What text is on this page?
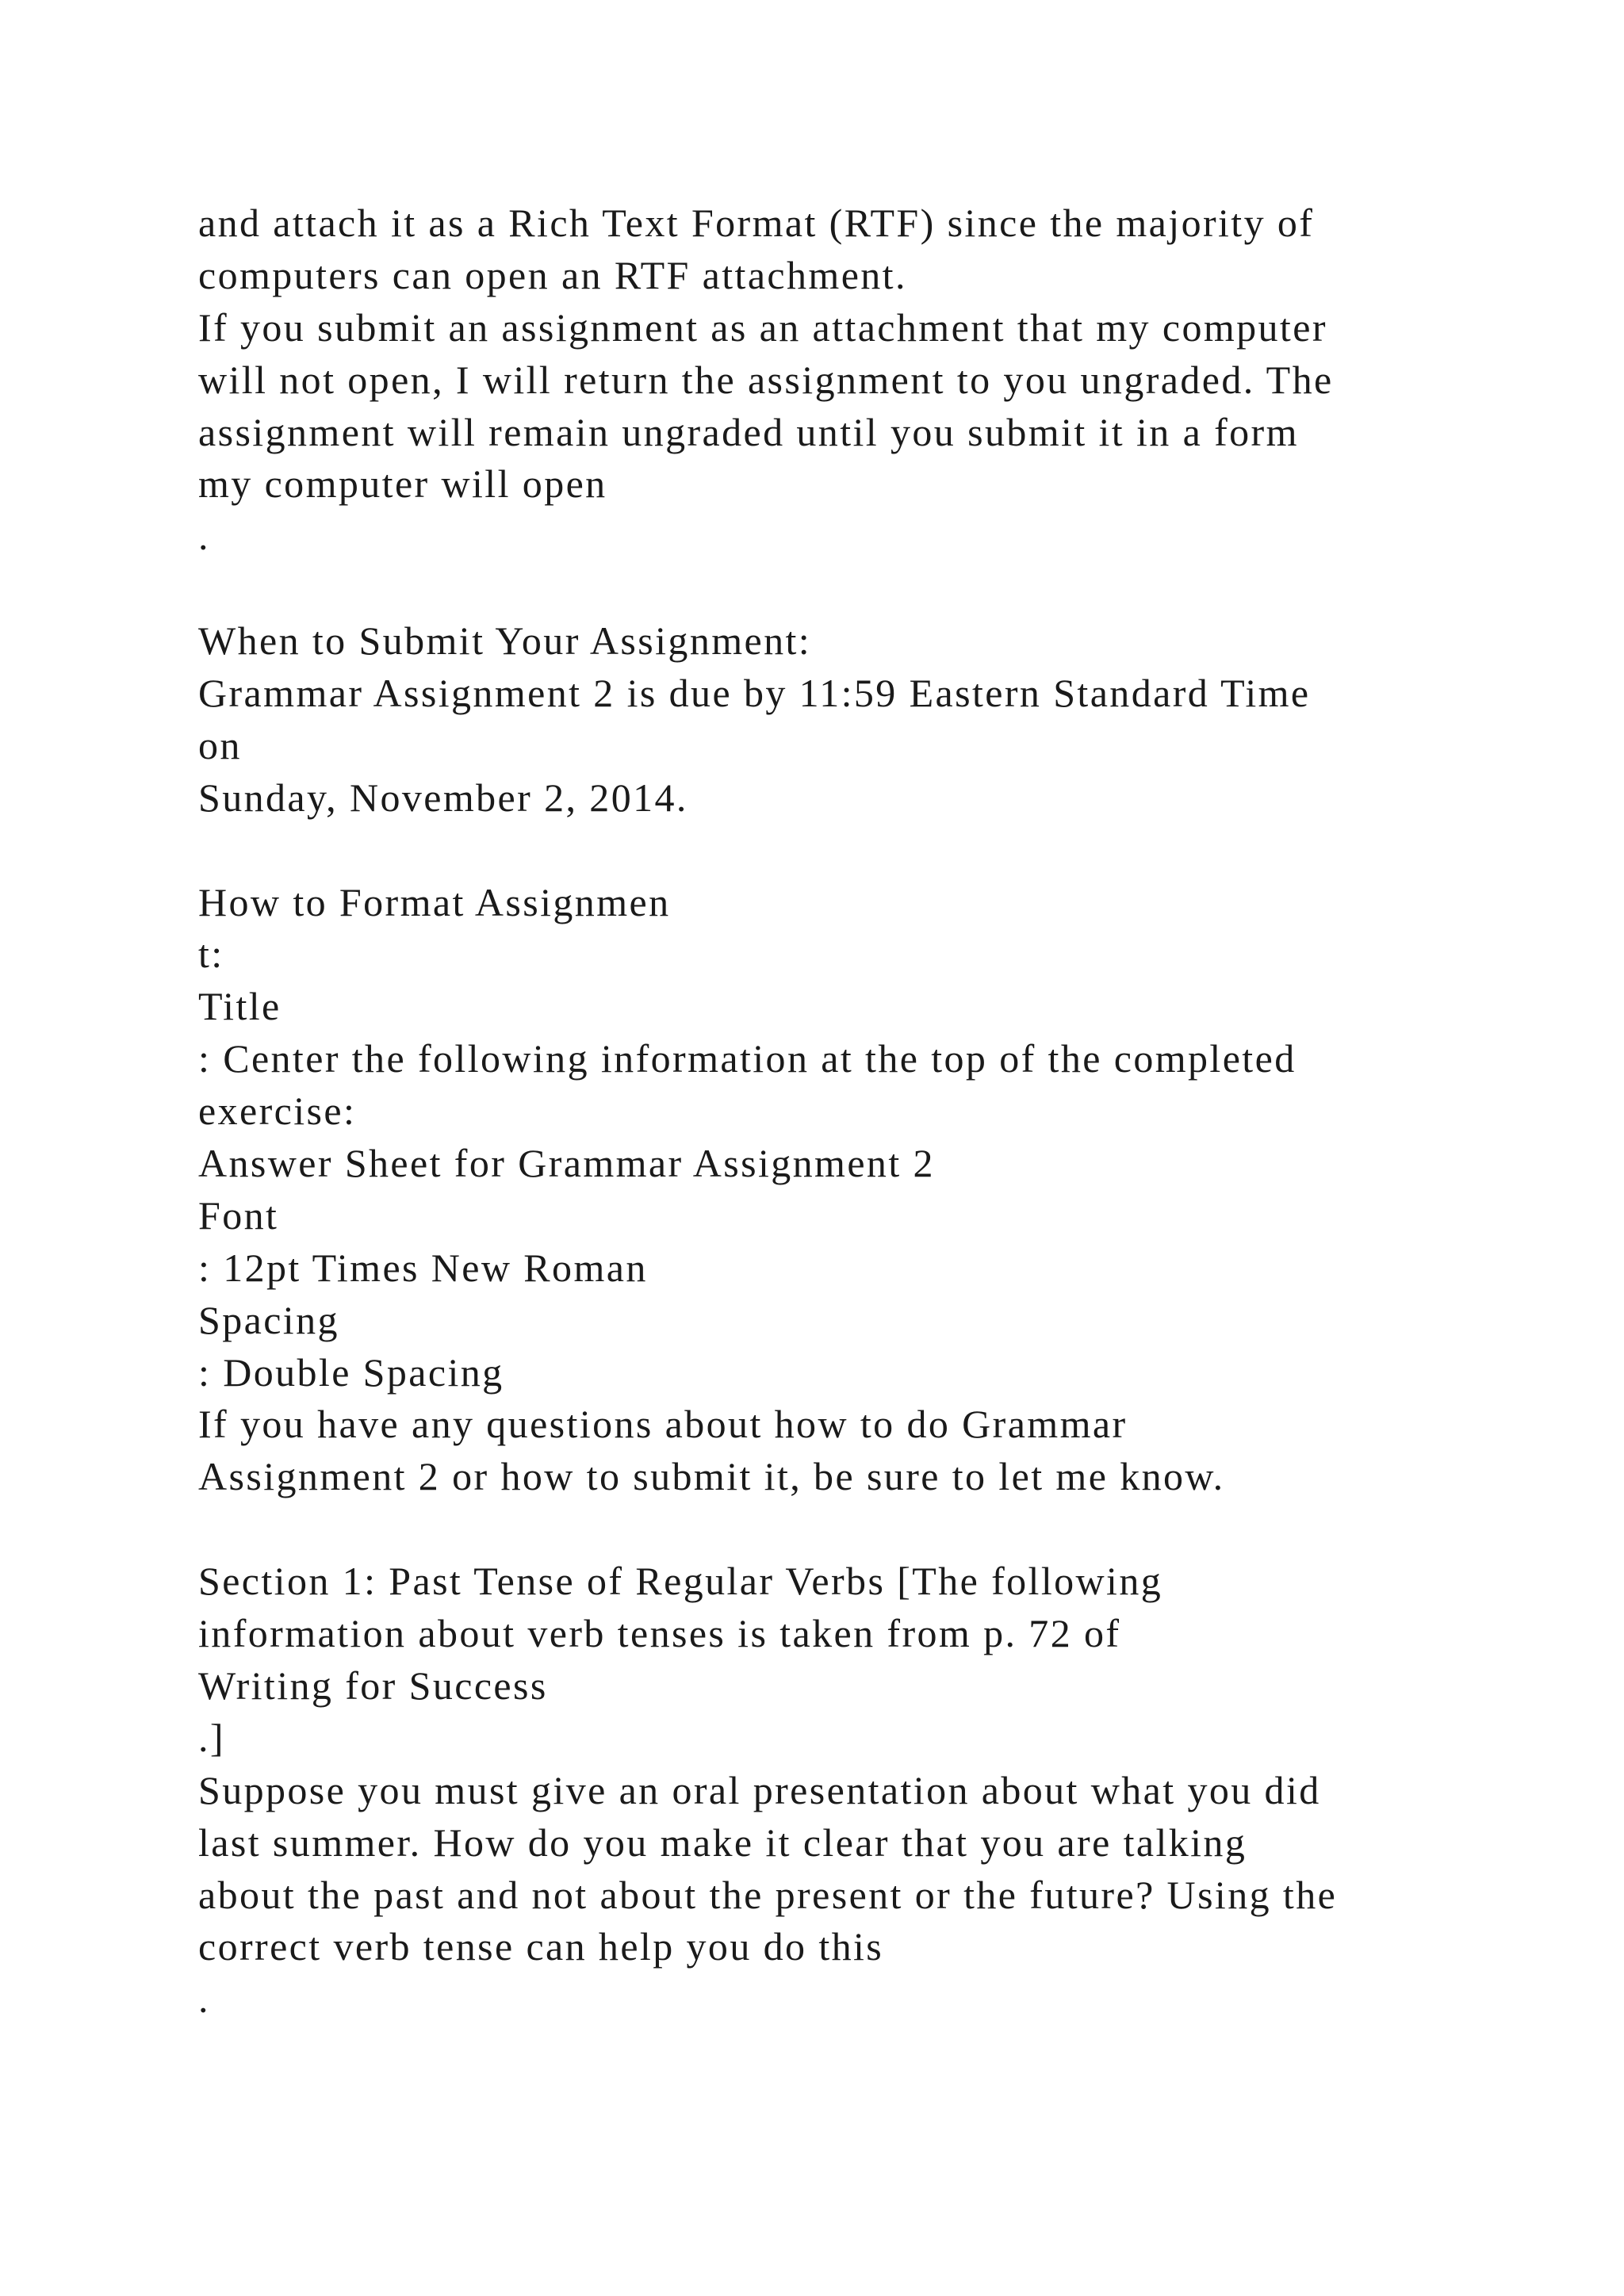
and attach it as a Rich Text Format (RTF) since the majority of
computers can open an RTF attachment.
If you submit an assignment as an attachment that my computer
will not open, I will return the assignment to you ungraded. The
assignment will remain ungraded until you submit it in a form
my computer will open
.
When to Submit Your Assignment:
Grammar Assignment 2 is due by 11:59 Eastern Standard Time
on
Sunday, November 2, 2014.
How to Format Assignmen
t:
Title
: Center the following information at the top of the completed
exercise:
Answer Sheet for Grammar Assignment 2
Font
: 12pt Times New Roman
Spacing
: Double Spacing
If you have any questions about how to do Grammar
Assignment 2 or how to submit it, be sure to let me know.
Section 1: Past Tense of Regular Verbs [The following
information about verb tenses is taken from p. 72 of
Writing for Success
.]
Suppose you must give an oral presentation about what you did
last summer. How do you make it clear that you are talking
about the past and not about the present or the future? Using the
correct verb tense can help you do this
.
